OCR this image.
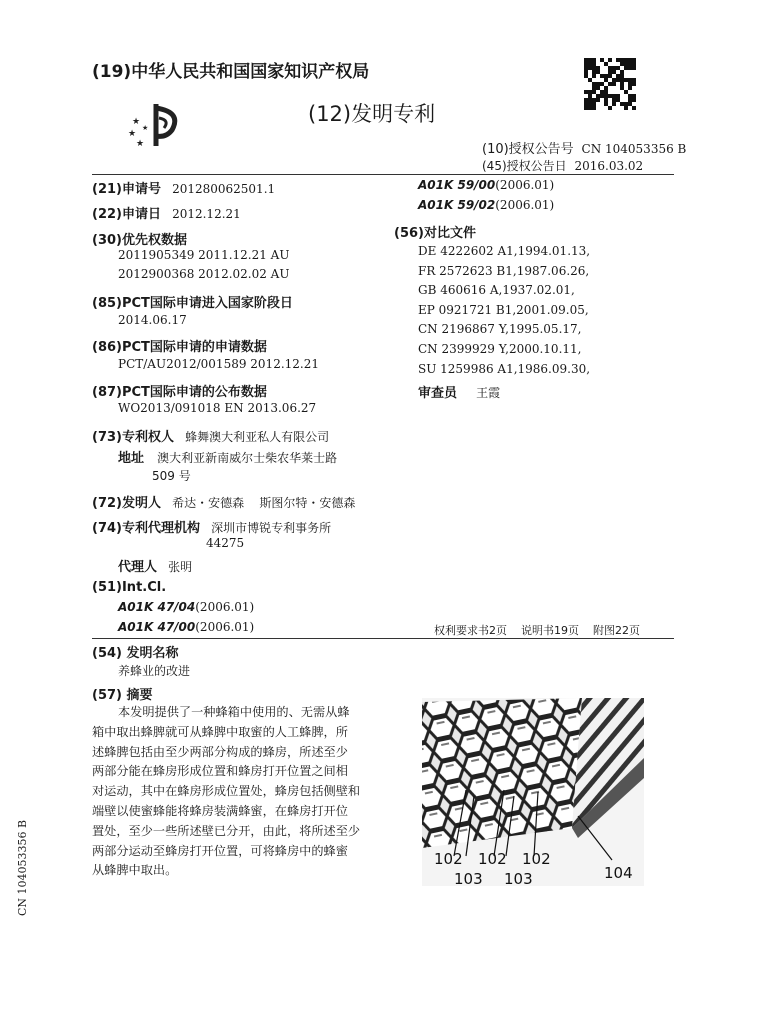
(19)中华人民共和国国家知识产权局
★
★
★
★
(12)发明专利
(10)授权公告号 CN 104053356 B
(45)授权公告日 2016.03.02
(21)申请号 201280062501.1
(22)申请日 2012.12.21
(30)优先权数据
2011905349 2011.12.21 AU
2012900368 2012.02.02 AU
(85)PCT国际申请进入国家阶段日
2014.06.17
(86)PCT国际申请的申请数据
PCT/AU2012/001589 2012.12.21
(87)PCT国际申请的公布数据
WO2013/091018 EN 2013.06.27
(73)专利权人 蜂舞澳大利亚私人有限公司
地址 澳大利亚新南威尔士柴农华莱士路
509 号
(72)发明人 希达・安德森    斯图尔特・安德森
(74)专利代理机构 深圳市博锐专利事务所
44275
代理人 张明
(51)Int.Cl.
A01K 47/04(2006.01)
A01K 47/00(2006.01)
A01K 59/00(2006.01)
A01K 59/02(2006.01)
(56)对比文件
DE 4222602 A1,1994.01.13,
FR 2572623 B1,1987.06.26,
GB 460616 A,1937.02.01,
EP 0921721 B1,2001.09.05,
CN 2196867 Y,1995.05.17,
CN 2399929 Y,2000.10.11,
SU 1259986 A1,1986.09.30,
审查员 王霞
权利要求书2页    说明书19页    附图22页
(54) 发明名称
养蜂业的改进
(57) 摘要
本发明提供了一种蜂箱中使用的、无需从蜂
箱中取出蜂脾就可从蜂脾中取蜜的人工蜂脾，所
述蜂脾包括由至少两部分构成的蜂房，所述至少
两部分能在蜂房形成位置和蜂房打开位置之间相
对运动，其中在蜂房形成位置处，蜂房包括侧壁和
端壁以使蜜蜂能将蜂房装满蜂蜜，在蜂房打开位
置处，至少一些所述壁已分开，由此，将所述至少
两部分运动至蜂房打开位置，可将蜂房中的蜂蜜
从蜂脾中取出。
102 102 102
103 103	104
CN 104053356 B
